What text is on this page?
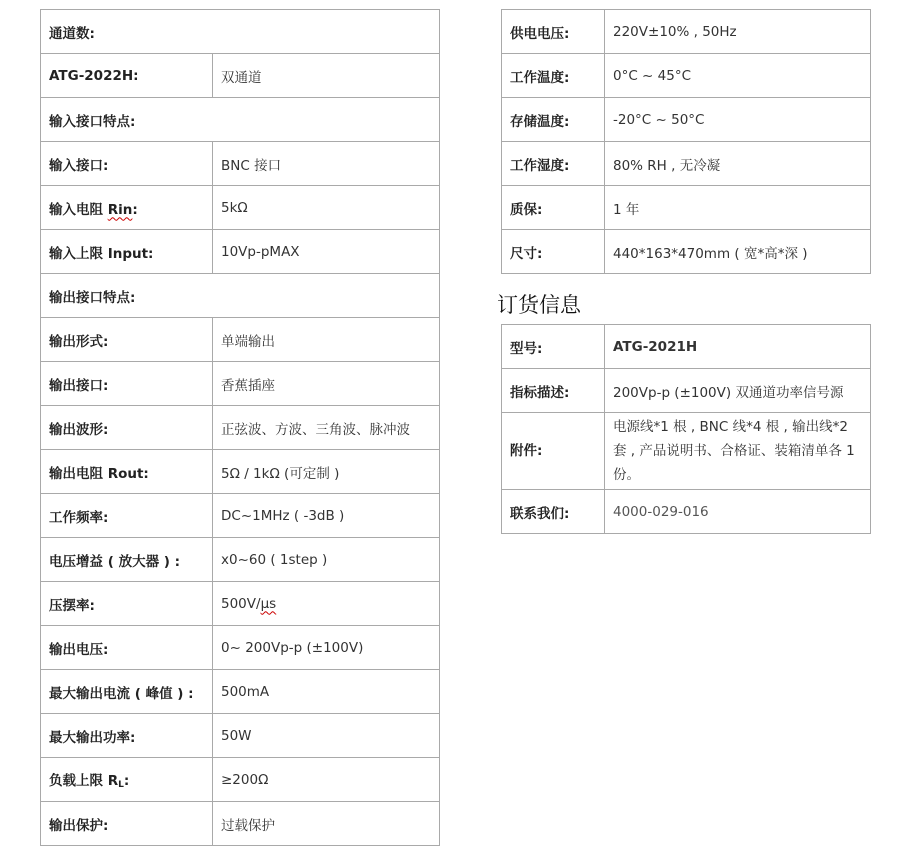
通道数:	
ATG-2022H:	双通道
输入接口特点:	
输入接口:	BNC 接口
输入电阻 Rin:	5kΩ
输入上限 Input:	10Vp-pMAX
输出接口特点:	
输出形式:	单端输出
输出接口:	香蕉插座
输出波形:	正弦波、方波、三角波、脉冲波
输出电阻 Rout:	5Ω / 1kΩ (可定制 )
工作频率:	DC~1MHz ( -3dB )
电压增益 ( 放大器 ) :	x0~60 ( 1step )
压摆率:	500V/μs
输出电压:	0~ 200Vp-p (±100V)
最大输出电流 ( 峰值 ) :	500mA
最大输出功率:	50W
负载上限 $R_L$:	≥200Ω
输出保护:	过载保护
供电电压:	220V±10% , 50Hz
工作温度:	0°C ~ 45°C
存储温度:	-20°C ~ 50°C
工作湿度:	80% RH , 无冷凝
质保:	1 年
尺寸:	440*163*470mm ( 宽*高*深 )
订货信息
型号:	ATG-2021H
指标描述:	200Vp-p (±100V) 双通道功率信号源
附件:	电源线*1 根 , BNC 线*4 根 , 输出线*2 套 , 产品说明书、合格证、装箱清单各 1 份。
联系我们:	4000-029-016
